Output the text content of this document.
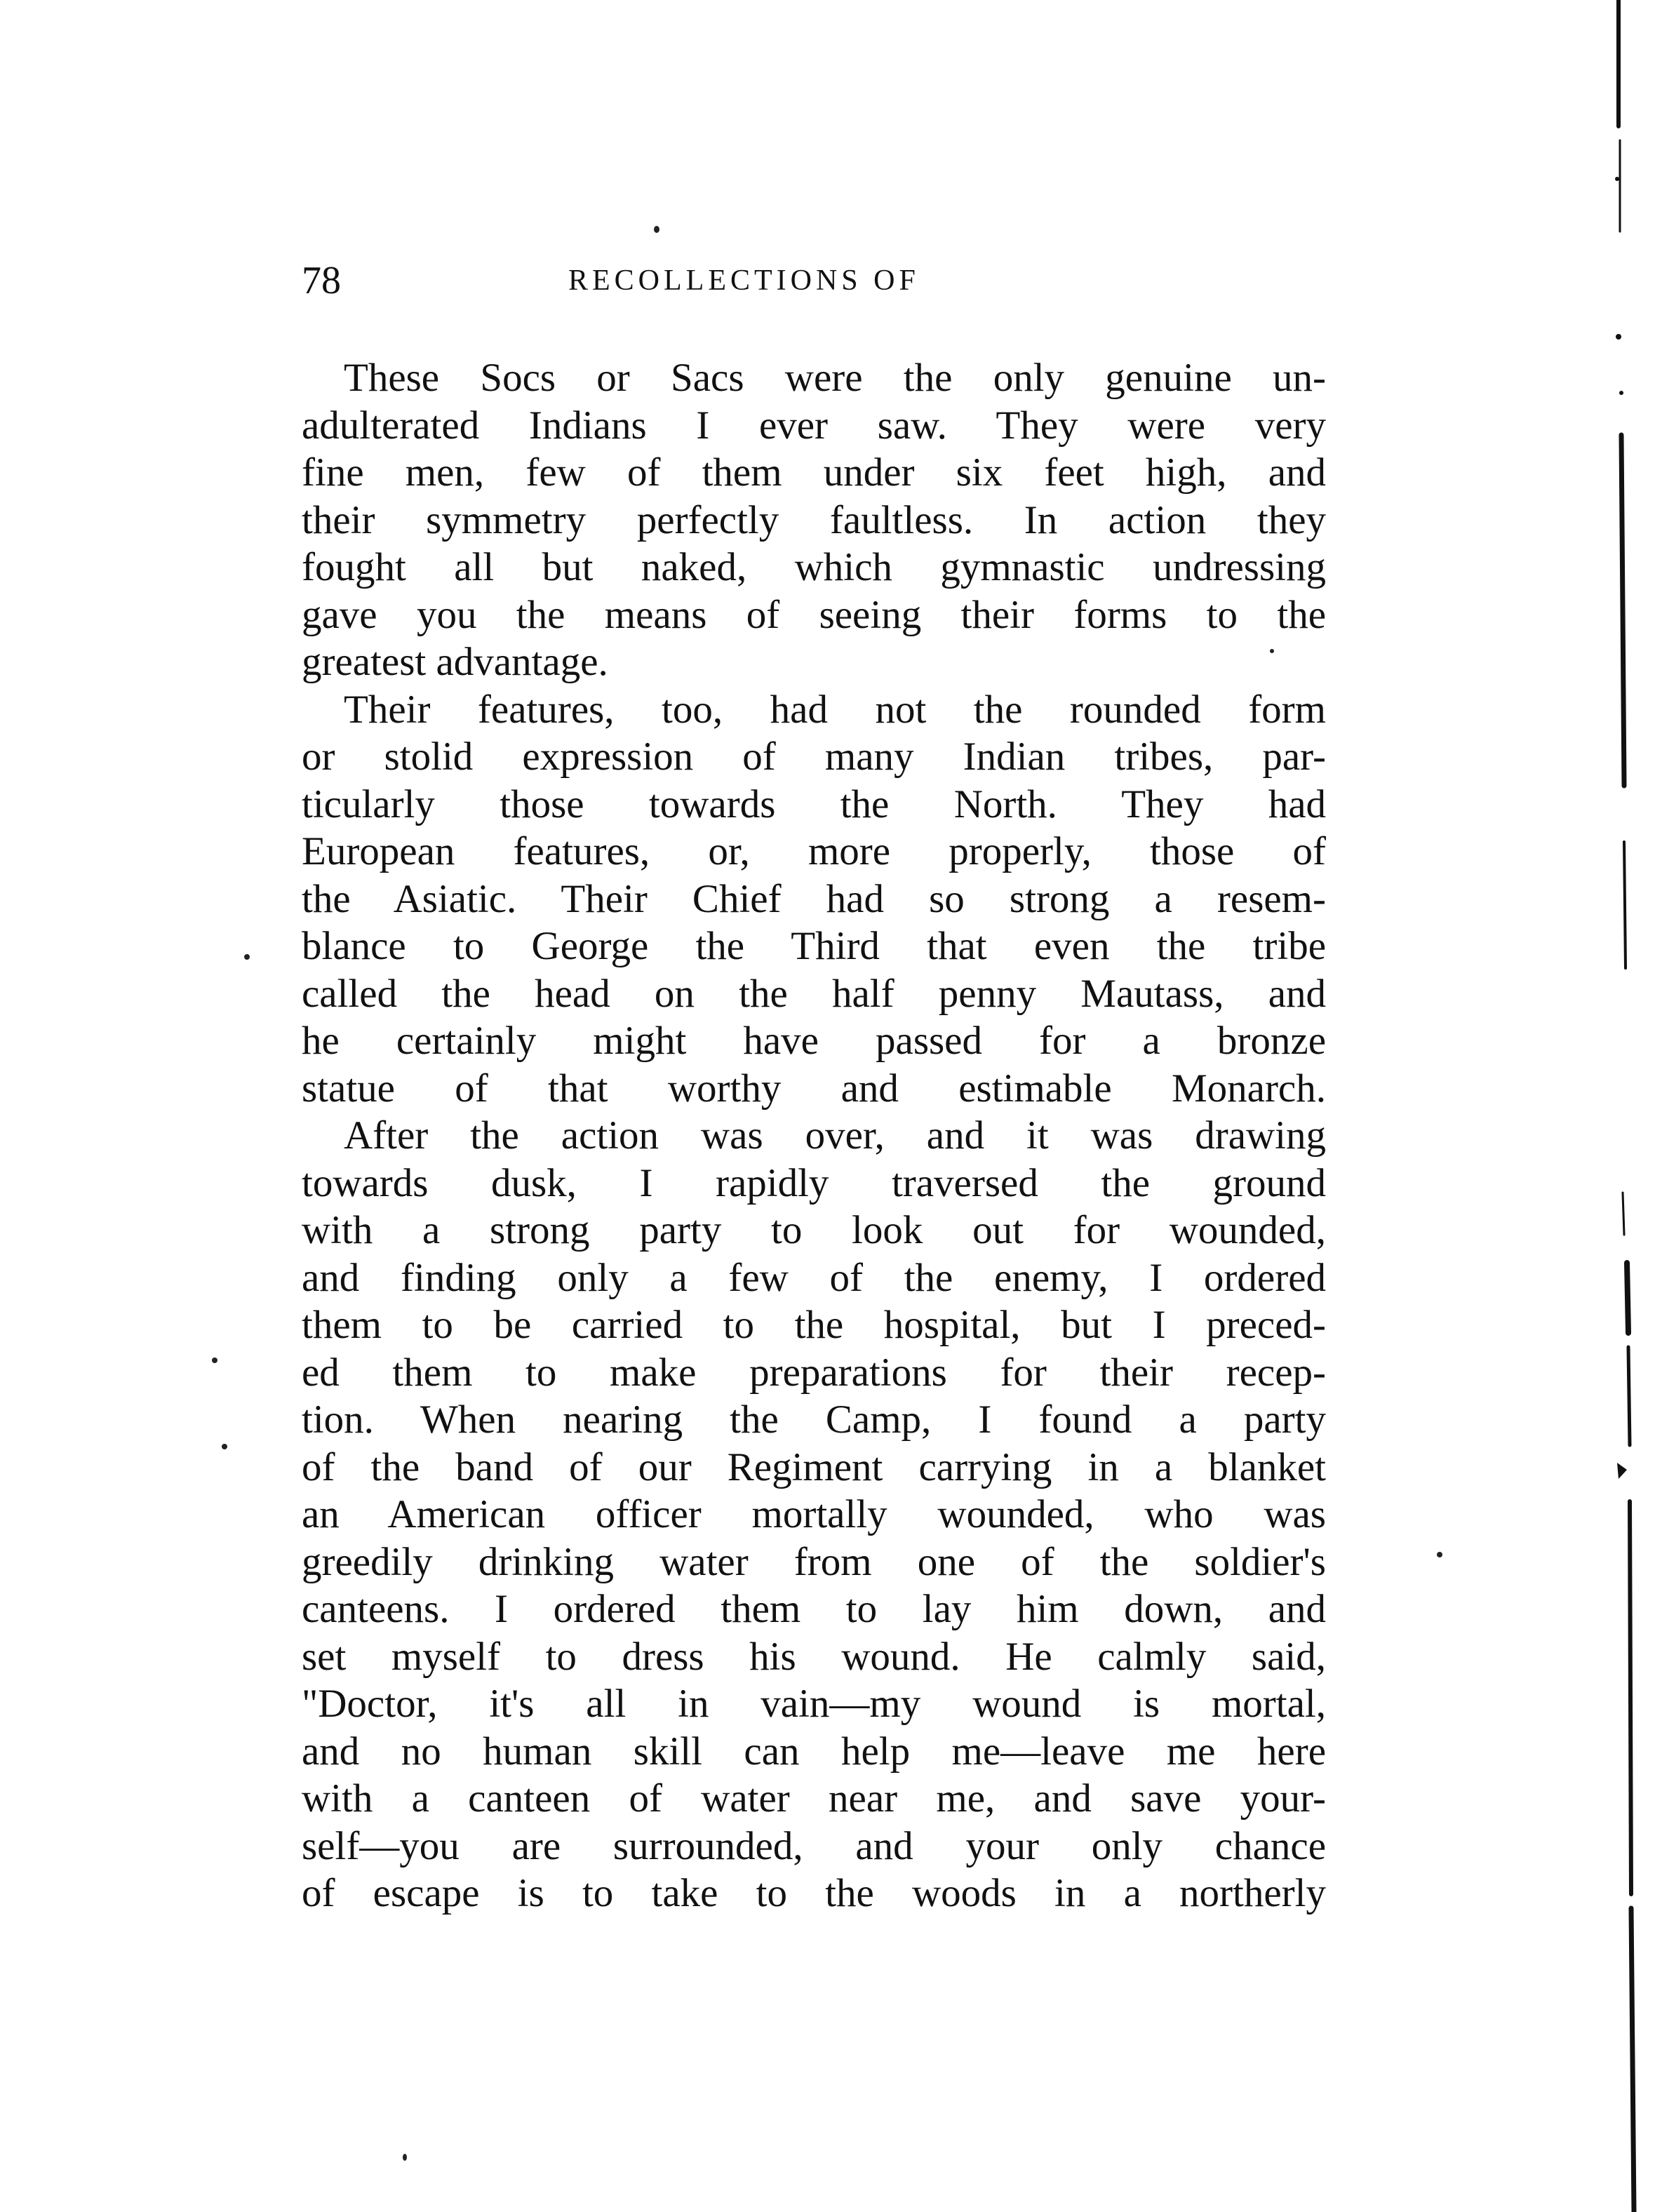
78	RECOLLECTIONS OF
These Socs or Sacs were the only genuine un-
adulterated Indians I ever saw. They were very
fine men, few of them under six feet high, and
their symmetry perfectly faultless. In action they
fought all but naked, which gymnastic undressing
gave you the means of seeing their forms to the
greatest advantage.
Their features, too, had not the rounded form
or stolid expression of many Indian tribes, par-
ticularly those towards the North. They had
European features, or, more properly, those of
the Asiatic. Their Chief had so strong a resem-
blance to George the Third that even the tribe
called the head on the half penny Mautass, and
he certainly might have passed for a bronze
statue of that worthy and estimable Monarch.
After the action was over, and it was drawing
towards dusk, I rapidly traversed the ground
with a strong party to look out for wounded,
and finding only a few of the enemy, I ordered
them to be carried to the hospital, but I preced-
ed them to make preparations for their recep-
tion. When nearing the Camp, I found a party
of the band of our Regiment carrying in a blanket
an American officer mortally wounded, who was
greedily drinking water from one of the soldier's
canteens. I ordered them to lay him down, and
set myself to dress his wound. He calmly said,
"Doctor, it's all in vain—my wound is mortal,
and no human skill can help me—leave me here
with a canteen of water near me, and save your-
self—you are surrounded, and your only chance
of escape is to take to the woods in a northerly
